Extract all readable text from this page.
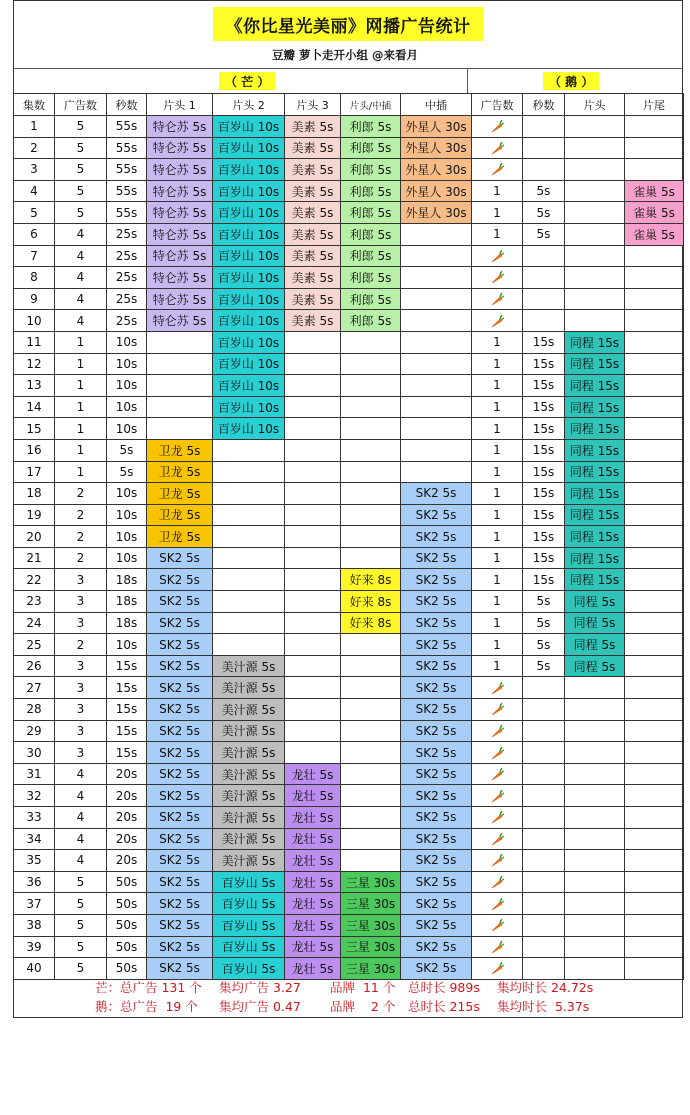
《你比星光美丽》网播广告统计
豆瓣 萝卜走开小组 @来看月
（ 芒 ）	（ 鹅 ）
集数	广告数	秒数	片头 1	片头 2	片头 3	片头/中插	中插	广告数	秒数	片头	片尾
1	5	55s	特仑苏 5s	百岁山 10s	美素 5s	利郎 5s	外星人 30s				
2	5	55s	特仑苏 5s	百岁山 10s	美素 5s	利郎 5s	外星人 30s				
3	5	55s	特仑苏 5s	百岁山 10s	美素 5s	利郎 5s	外星人 30s				
4	5	55s	特仑苏 5s	百岁山 10s	美素 5s	利郎 5s	外星人 30s	1	5s		雀巢 5s
5	5	55s	特仑苏 5s	百岁山 10s	美素 5s	利郎 5s	外星人 30s	1	5s		雀巢 5s
6	4	25s	特仑苏 5s	百岁山 10s	美素 5s	利郎 5s		1	5s		雀巢 5s
7	4	25s	特仑苏 5s	百岁山 10s	美素 5s	利郎 5s					
8	4	25s	特仑苏 5s	百岁山 10s	美素 5s	利郎 5s					
9	4	25s	特仑苏 5s	百岁山 10s	美素 5s	利郎 5s					
10	4	25s	特仑苏 5s	百岁山 10s	美素 5s	利郎 5s					
11	1	10s		百岁山 10s				1	15s	同程 15s	
12	1	10s		百岁山 10s				1	15s	同程 15s	
13	1	10s		百岁山 10s				1	15s	同程 15s	
14	1	10s		百岁山 10s				1	15s	同程 15s	
15	1	10s		百岁山 10s				1	15s	同程 15s	
16	1	5s	卫龙 5s					1	15s	同程 15s	
17	1	5s	卫龙 5s					1	15s	同程 15s	
18	2	10s	卫龙 5s				SK2 5s	1	15s	同程 15s	
19	2	10s	卫龙 5s				SK2 5s	1	15s	同程 15s	
20	2	10s	卫龙 5s				SK2 5s	1	15s	同程 15s	
21	2	10s	SK2 5s				SK2 5s	1	15s	同程 15s	
22	3	18s	SK2 5s			好来 8s	SK2 5s	1	15s	同程 15s	
23	3	18s	SK2 5s			好来 8s	SK2 5s	1	5s	同程 5s	
24	3	18s	SK2 5s			好来 8s	SK2 5s	1	5s	同程 5s	
25	2	10s	SK2 5s				SK2 5s	1	5s	同程 5s	
26	3	15s	SK2 5s	美汁源 5s			SK2 5s	1	5s	同程 5s	
27	3	15s	SK2 5s	美汁源 5s			SK2 5s				
28	3	15s	SK2 5s	美汁源 5s			SK2 5s				
29	3	15s	SK2 5s	美汁源 5s			SK2 5s				
30	3	15s	SK2 5s	美汁源 5s			SK2 5s				
31	4	20s	SK2 5s	美汁源 5s	龙壮 5s		SK2 5s				
32	4	20s	SK2 5s	美汁源 5s	龙壮 5s		SK2 5s				
33	4	20s	SK2 5s	美汁源 5s	龙壮 5s		SK2 5s				
34	4	20s	SK2 5s	美汁源 5s	龙壮 5s		SK2 5s				
35	4	20s	SK2 5s	美汁源 5s	龙壮 5s		SK2 5s				
36	5	50s	SK2 5s	百岁山 5s	龙壮 5s	三星 30s	SK2 5s				
37	5	50s	SK2 5s	百岁山 5s	龙壮 5s	三星 30s	SK2 5s				
38	5	50s	SK2 5s	百岁山 5s	龙壮 5s	三星 30s	SK2 5s				
39	5	50s	SK2 5s	百岁山 5s	龙壮 5s	三星 30s	SK2 5s				
40	5	50s	SK2 5s	百岁山 5s	龙壮 5s	三星 30s	SK2 5s				

芒：

总广告 131 个

集均广告 3.27

品牌  11 个

总时长 989s

集均时长 24.72s

鹅：

总广告  19 个

集均广告 0.47

品牌    2 个

总时长 215s

集均时长  5.37s
